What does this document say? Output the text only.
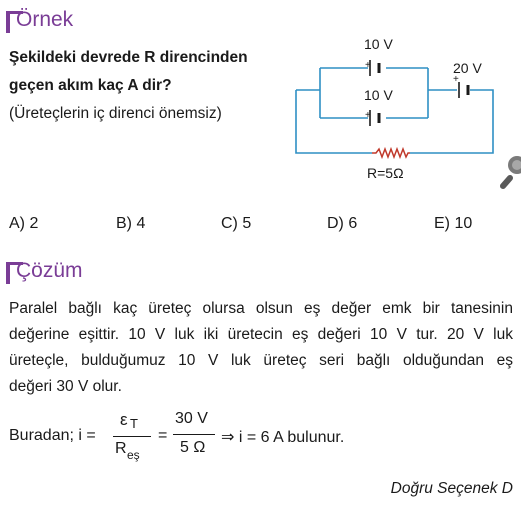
Örnek
Şekildeki devrede R direncinden
geçen akım kaç A dir?
(Üreteçlerin iç direnci önemsiz)
10 V
10 V
20 V
+
+
+
R=5Ω
A) 2	B) 4	C) 5	D) 6	E) 10
Çözüm
Paralel bağlı kaç üreteç olursa olsun eş değer emk bir tanesinin
değerine eşittir. 10 V luk iki üretecin eş değeri 10 V tur. 20 V luk
üreteçle, bulduğumuz 10 V luk üreteç seri bağlı olduğundan eş
değeri 30 V olur.
Buradan; i =
ε T
R eş
=
30 V
5 Ω
⇒ i = 6 A bulunur.
Doğru Seçenek D
